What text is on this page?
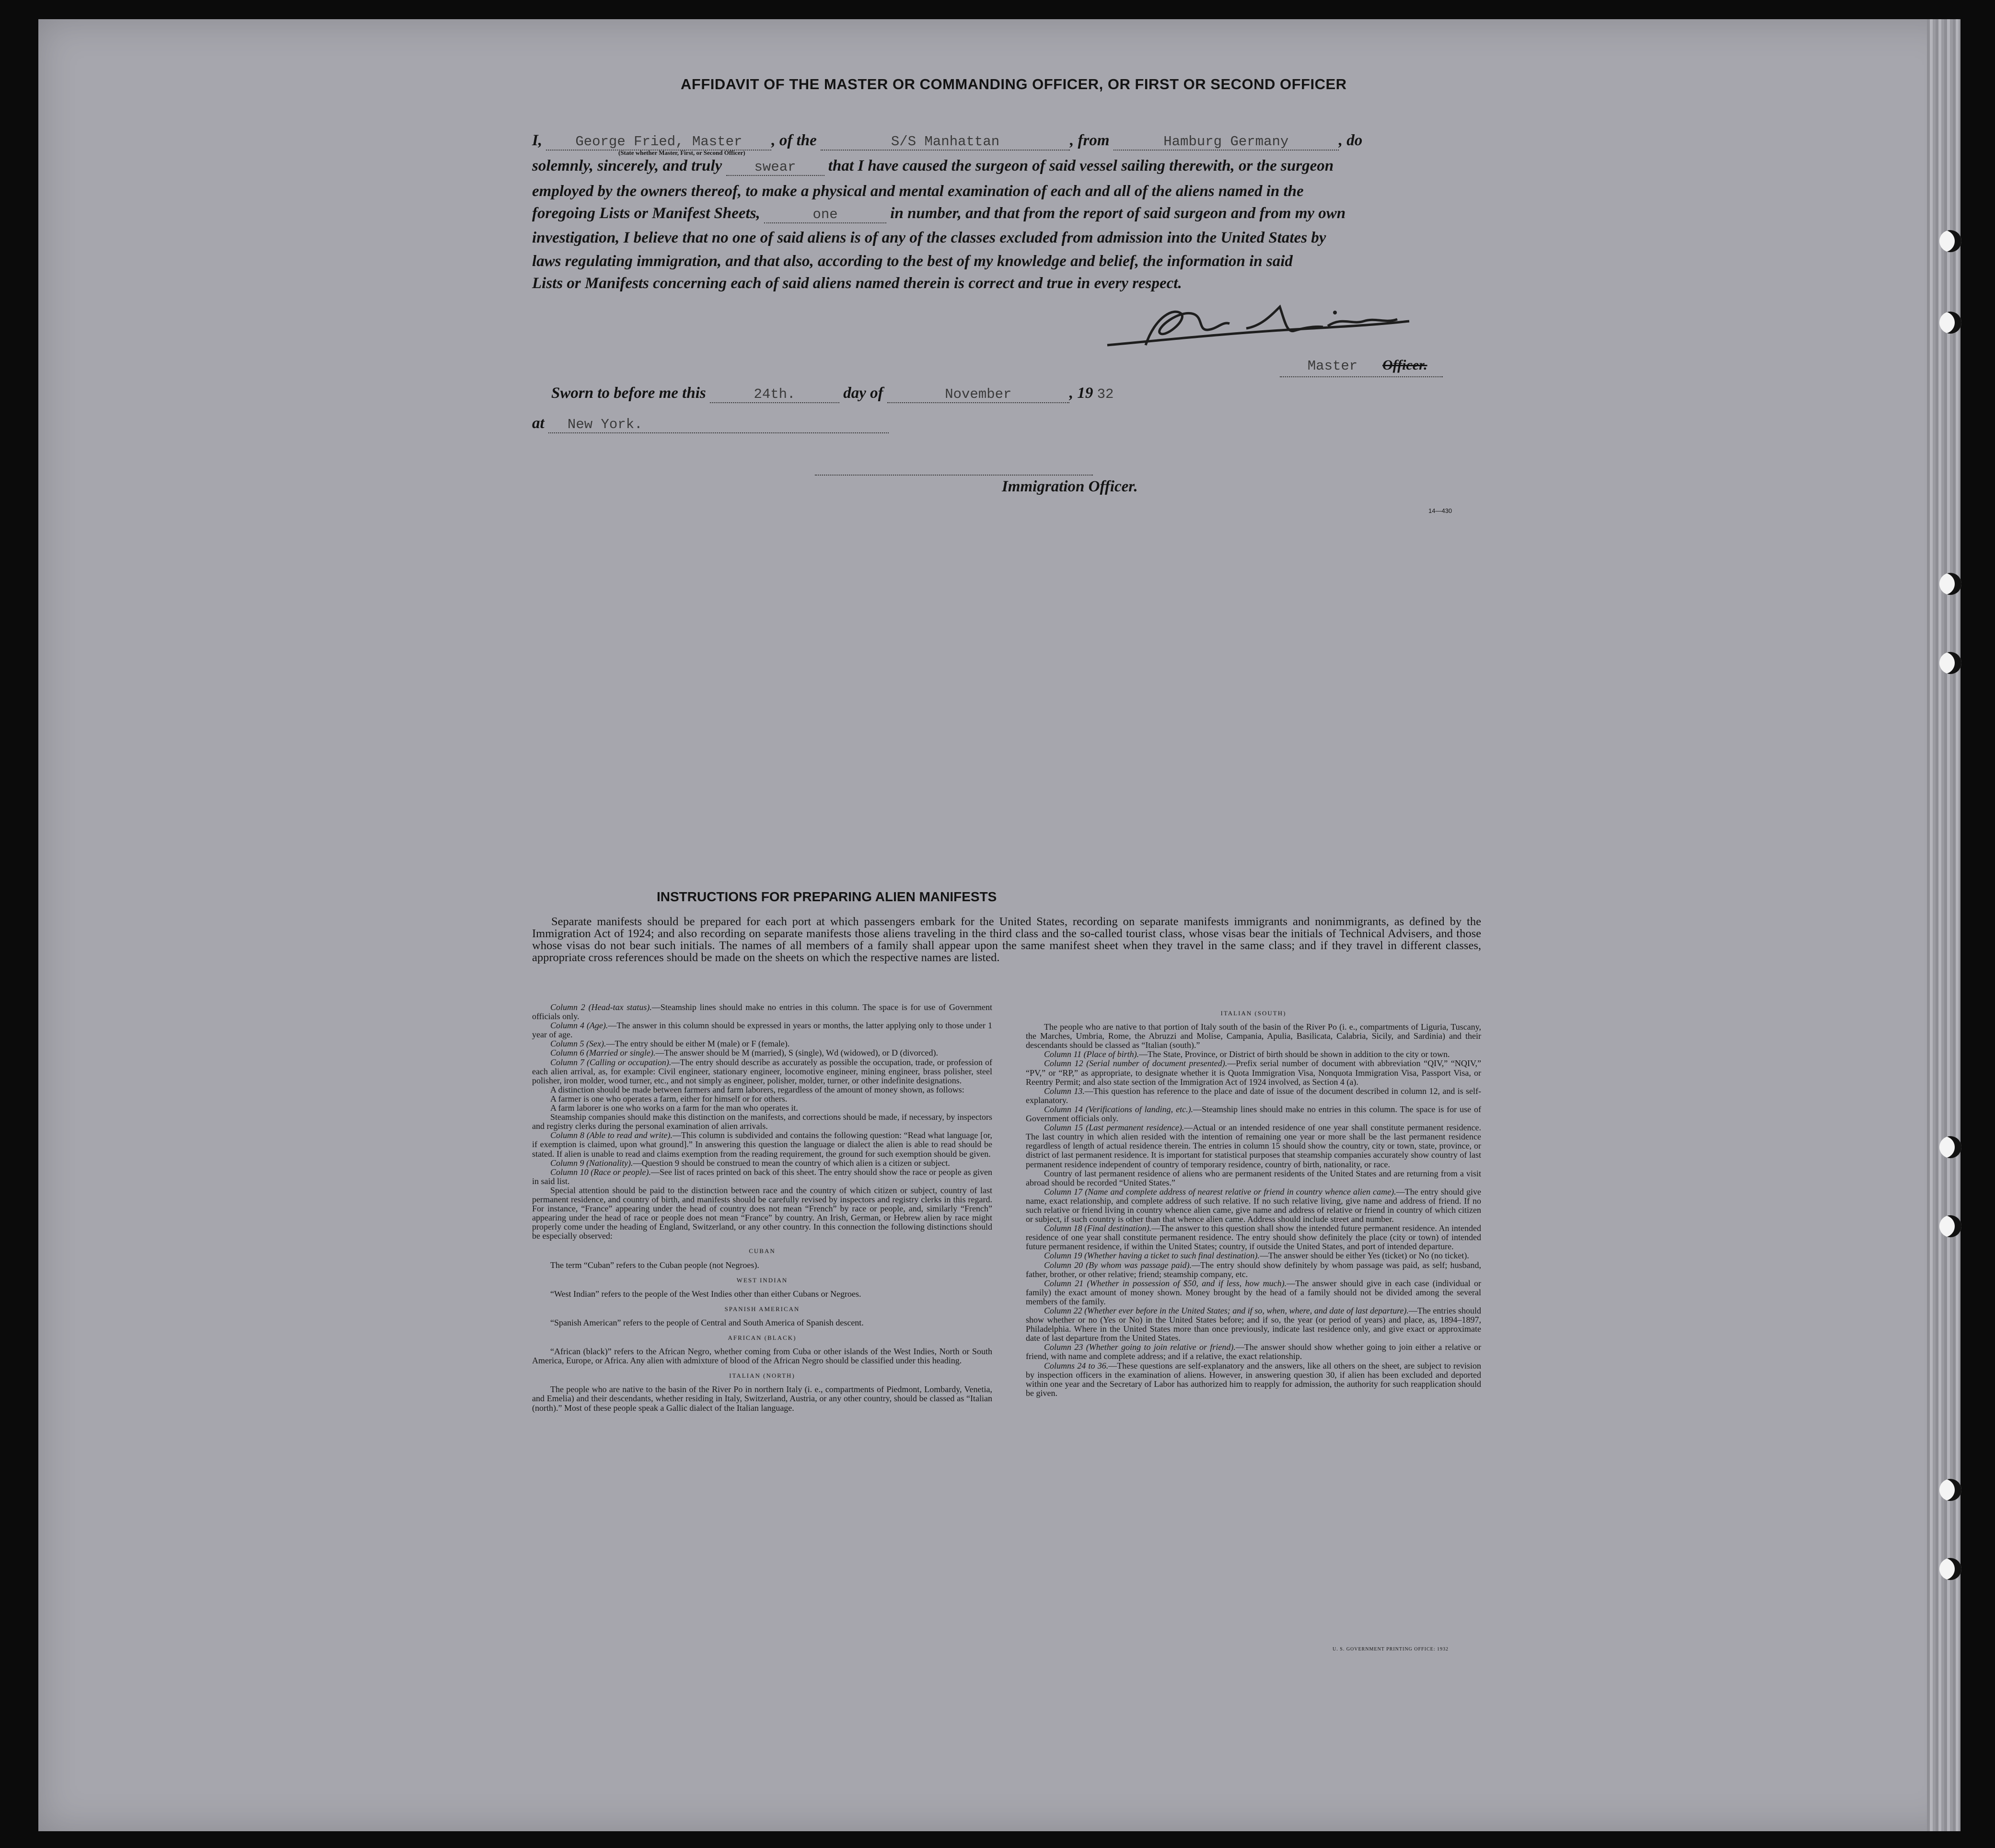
AFFIDAVIT OF THE MASTER OR COMMANDING OFFICER, OR FIRST OR SECOND OFFICER
I, George Fried, Master , of the	S/S Manhattan	, from	Hamburg Germany	, do
(State whether Master, First, or Second Officer)
solemnly, sincerely, and truly swear that I have caused the surgeon of said vessel sailing therewith, or the surgeon
employed by the owners thereof, to make a physical and mental examination of each and all of the aliens named in the
foregoing Lists or Manifest Sheets,	one	in number, and that from the report of said surgeon and from my own
investigation, I believe that no one of said aliens is of any of the classes excluded from admission into the United States by
laws regulating immigration, and that also, according to the best of my knowledge and belief, the information in said
Lists or Manifests concerning each of said aliens named therein is correct and true in every respect.
Master Officer.
Sworn to before me this	24th.	day of	November	, 19 32
at New York.
Immigration Officer.
14—430
INSTRUCTIONS FOR PREPARING ALIEN MANIFESTS
Separate manifests should be prepared for each port at which passengers embark for the United States, recording on separate manifests immigrants and nonimmigrants, as defined by the Immigration Act of 1924; and also recording on separate manifests those aliens traveling in the third class and the so-called tourist class, whose visas bear the initials of Technical Advisers, and those whose visas do not bear such initials. The names of all members of a family shall appear upon the same manifest sheet when they travel in the same class; and if they travel in different classes, appropriate cross references should be made on the sheets on which the respective names are listed.

Column 2 (Head-tax status).—Steamship lines should make no entries in this column. The space is for use of Government officials only.

Column 4 (Age).—The answer in this column should be expressed in years or months, the latter applying only to those under 1 year of age.

Column 5 (Sex).—The entry should be either M (male) or F (female).

Column 6 (Married or single).—The answer should be M (married), S (single), Wd (widowed), or D (divorced).

Column 7 (Calling or occupation).—The entry should describe as accurately as possible the occupation, trade, or profession of each alien arrival, as, for example: Civil engineer, stationary engineer, locomotive engineer, mining engineer, brass polisher, steel polisher, iron molder, wood turner, etc., and not simply as engineer, polisher, molder, turner, or other indefinite designations.

A distinction should be made between farmers and farm laborers, regardless of the amount of money shown, as follows:

A farmer is one who operates a farm, either for himself or for others.

A farm laborer is one who works on a farm for the man who operates it.

Steamship companies should make this distinction on the manifests, and corrections should be made, if necessary, by inspectors and registry clerks during the personal examination of alien arrivals.

Column 8 (Able to read and write).—This column is subdivided and contains the following question: “Read what language [or, if exemption is claimed, upon what ground].” In answering this question the language or dialect the alien is able to read should be stated. If alien is unable to read and claims exemption from the reading requirement, the ground for such exemption should be given.

Column 9 (Nationality).—Question 9 should be construed to mean the country of which alien is a citizen or subject.

Column 10 (Race or people).—See list of races printed on back of this sheet. The entry should show the race or people as given in said list.

Special attention should be paid to the distinction between race and the country of which citizen or subject, country of last permanent residence, and country of birth, and manifests should be carefully revised by inspectors and registry clerks in this regard. For instance, “France” appearing under the head of country does not mean “French” by race or people, and, similarly “French” appearing under the head of race or people does not mean “France” by country. An Irish, German, or Hebrew alien by race might properly come under the heading of England, Switzerland, or any other country. In this connection the following distinctions should be especially observed:

CUBAN

The term “Cuban” refers to the Cuban people (not Negroes).

WEST INDIAN

“West Indian” refers to the people of the West Indies other than either Cubans or Negroes.

SPANISH AMERICAN

“Spanish American” refers to the people of Central and South America of Spanish descent.

AFRICAN (BLACK)

“African (black)” refers to the African Negro, whether coming from Cuba or other islands of the West Indies, North or South America, Europe, or Africa. Any alien with admixture of blood of the African Negro should be classified under this heading.

ITALIAN (NORTH)

The people who are native to the basin of the River Po in northern Italy (i. e., compartments of Piedmont, Lombardy, Venetia, and Emelia) and their descendants, whether residing in Italy, Switzerland, Austria, or any other country, should be classed as “Italian (north).” Most of these people speak a Gallic dialect of the Italian language.

ITALIAN (SOUTH)

The people who are native to that portion of Italy south of the basin of the River Po (i. e., compartments of Liguria, Tuscany, the Marches, Umbria, Rome, the Abruzzi and Molise, Campania, Apulia, Basilicata, Calabria, Sicily, and Sardinia) and their descendants should be classed as “Italian (south).”

Column 11 (Place of birth).—The State, Province, or District of birth should be shown in addition to the city or town.

Column 12 (Serial number of document presented).—Prefix serial number of document with abbreviation “QIV,” “NQIV,” “PV,” or “RP,” as appropriate, to designate whether it is Quota Immigration Visa, Nonquota Immigration Visa, Passport Visa, or Reentry Permit; and also state section of the Immigration Act of 1924 involved, as Section 4 (a).

Column 13.—This question has reference to the place and date of issue of the document described in column 12, and is self-explanatory.

Column 14 (Verifications of landing, etc.).—Steamship lines should make no entries in this column. The space is for use of Government officials only.

Column 15 (Last permanent residence).—Actual or an intended residence of one year shall constitute permanent residence. The last country in which alien resided with the intention of remaining one year or more shall be the last permanent residence regardless of length of actual residence therein. The entries in column 15 should show the country, city or town, state, province, or district of last permanent residence. It is important for statistical purposes that steamship companies accurately show country of last permanent residence independent of country of temporary residence, country of birth, nationality, or race.

Country of last permanent residence of aliens who are permanent residents of the United States and are returning from a visit abroad should be recorded “United States.”

Column 17 (Name and complete address of nearest relative or friend in country whence alien came).—The entry should give name, exact relationship, and complete address of such relative. If no such relative living, give name and address of friend. If no such relative or friend living in country whence alien came, give name and address of relative or friend in country of which citizen or subject, if such country is other than that whence alien came. Address should include street and number.

Column 18 (Final destination).—The answer to this question shall show the intended future permanent residence. An intended residence of one year shall constitute permanent residence. The entry should show definitely the place (city or town) of intended future permanent residence, if within the United States; country, if outside the United States, and port of intended departure.

Column 19 (Whether having a ticket to such final destination).—The answer should be either Yes (ticket) or No (no ticket).

Column 20 (By whom was passage paid).—The entry should show definitely by whom passage was paid, as self; husband, father, brother, or other relative; friend; steamship company, etc.

Column 21 (Whether in possession of $50, and if less, how much).—The answer should give in each case (individual or family) the exact amount of money shown. Money brought by the head of a family should not be divided among the several members of the family.

Column 22 (Whether ever before in the United States; and if so, when, where, and date of last departure).—The entries should show whether or no (Yes or No) in the United States before; and if so, the year (or period of years) and place, as, 1894–1897, Philadelphia. Where in the United States more than once previously, indicate last residence only, and give exact or approximate date of last departure from the United States.

Column 23 (Whether going to join relative or friend).—The answer should show whether going to join either a relative or friend, with name and complete address; and if a relative, the exact relationship.

Columns 24 to 36.—These questions are self-explanatory and the answers, like all others on the sheet, are subject to revision by inspection officers in the examination of aliens. However, in answering question 30, if alien has been excluded and deported within one year and the Secretary of Labor has authorized him to reapply for admission, the authority for such reapplication should be given.

U. S. GOVERNMENT PRINTING OFFICE: 1932
